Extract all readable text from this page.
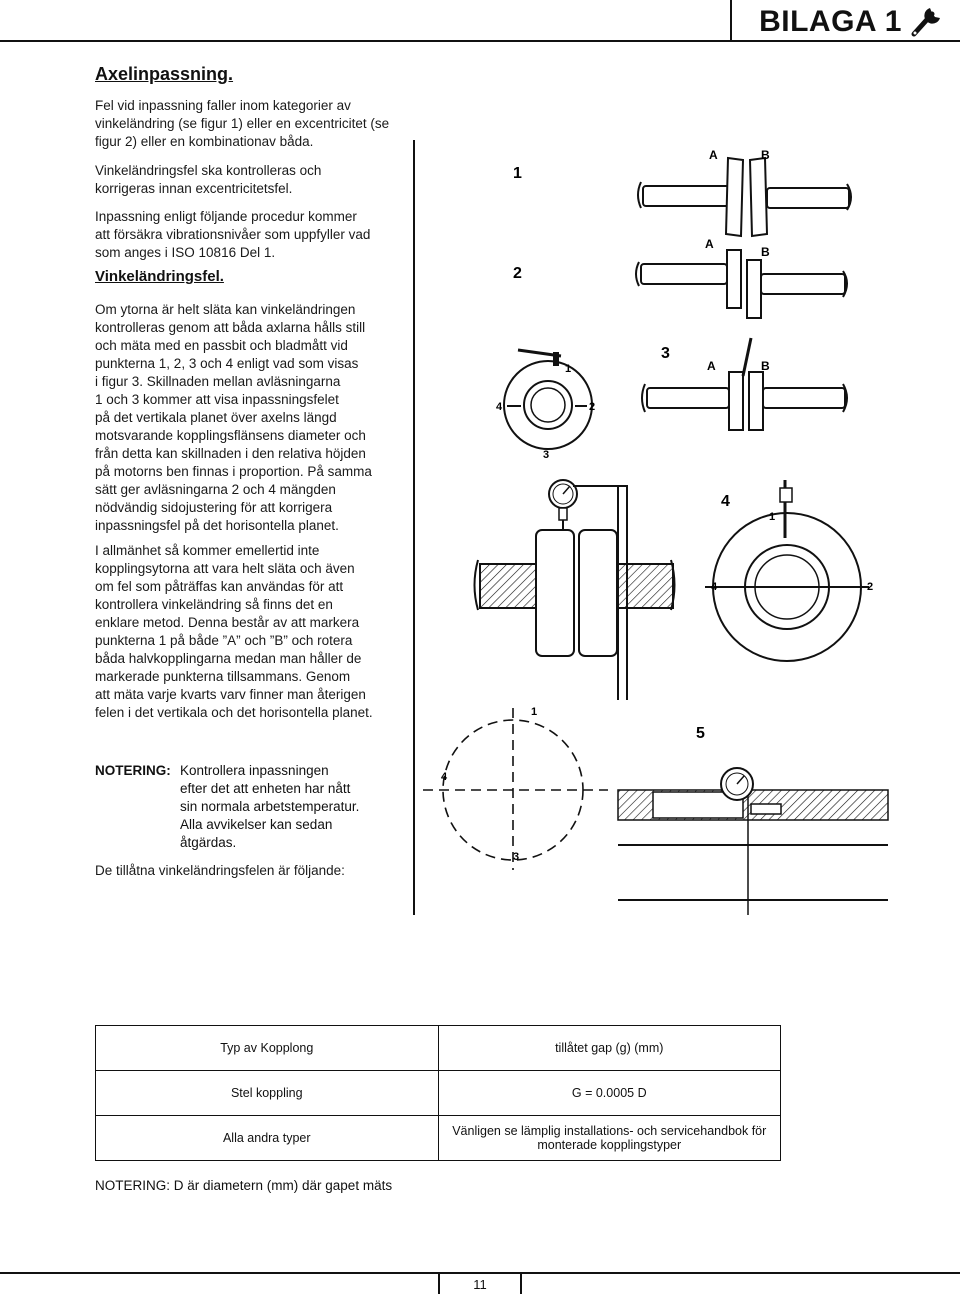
BILAGA 1
Axelinpassning.
Fel vid inpassning faller inom kategorier av
vinkeländring (se figur 1) eller en excentricitet (se
figur 2) eller en kombinationav båda.
Vinkeländringsfel ska kontrolleras och
korrigeras innan excentricitetsfel.
Inpassning enligt följande procedur kommer
att försäkra vibrationsnivåer som uppfyller vad
som anges i ISO 10816 Del 1.
Vinkeländringsfel.
Om ytorna är helt släta kan vinkeländringen
kontrolleras genom att båda axlarna hålls still
och mäta med en passbit och bladmått vid
punkterna 1, 2, 3 och 4 enligt vad som visas
i figur 3. Skillnaden mellan avläsningarna
1 och 3 kommer att visa inpassningsfelet
på det vertikala planet över axelns längd
motsvarande kopplingsflänsens diameter och
från detta kan skillnaden i den relativa höjden
på motorns ben finnas i proportion. På samma
sätt ger avläsningarna 2 och 4 mängden
nödvändig sidojustering för att korrigera
inpassningsfel på det horisontella planet.
I allmänhet så kommer emellertid inte
kopplingsytorna att vara helt släta och även
om fel som påträffas kan användas för att
kontrollera vinkeländring så finns det en
enklare metod. Denna består av att markera
punkterna 1 på både ”A” och ”B” och rotera
båda halvkopplingarna medan man håller de
markerade punkterna tillsammans. Genom
att mäta varje kvarts varv finner man återigen
felen i det vertikala och det horisontella planet.
NOTERING: Kontrollera inpassningen
efter det att enheten har nått
sin normala arbetstemperatur.
Alla avvikelser kan sedan
åtgärdas.
De tillåtna vinkeländringsfelen är följande:
1
A	B
2
A
B
1
2
3
4
3
A	B
4
1
2
4
5
1
4
3
Typ av Kopplong	tillåtet gap (g) (mm)
Stel koppling	G = 0.0005 D
Alla andra typer	Vänligen se lämplig installations- och servicehandbok för monterade kopplingstyper
NOTERING: D är diametern (mm) där gapet mäts
11
